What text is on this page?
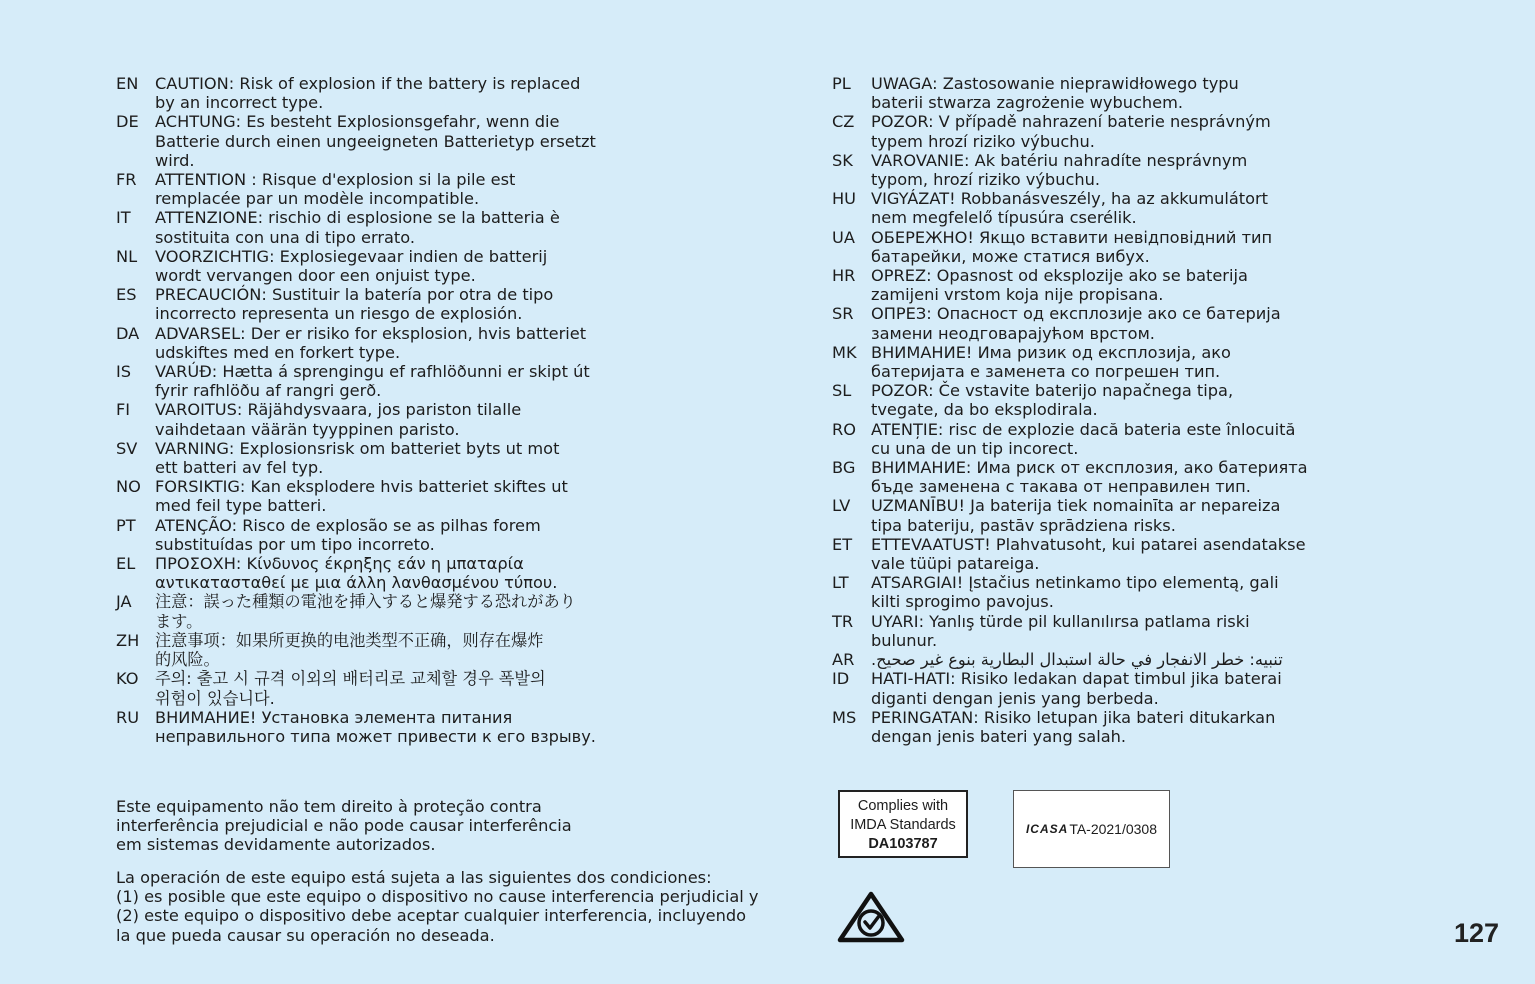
EN	CAUTION: Risk of explosion if the battery is replaced
by an incorrect type.
DE	ACHTUNG: Es besteht Explosionsgefahr, wenn die
Batterie durch einen ungeeigneten Batterietyp ersetzt
wird.
FR	ATTENTION : Risque d'explosion si la pile est
remplacée par un modèle incompatible.
IT	ATTENZIONE: rischio di esplosione se la batteria è
sostituita con una di tipo errato.
NL	VOORZICHTIG: Explosiegevaar indien de batterij
wordt vervangen door een onjuist type.
ES	PRECAUCIÓN: Sustituir la batería por otra de tipo
incorrecto representa un riesgo de explosión.
DA ADVARSEL: Der er risiko for eksplosion, hvis batteriet
udskiftes med en forkert type.
IS	VARÚÐ: Hætta á sprengingu ef rafhlöðunni er skipt út
fyrir rafhlöðu af rangri gerð.
FI	VAROITUS: Räjähdysvaara, jos pariston tilalle
vaihdetaan väärän tyyppinen paristo.
SV	VARNING: Explosionsrisk om batteriet byts ut mot
ett batteri av fel typ.
NO FORSIKTIG: Kan eksplodere hvis batteriet skiftes ut
med feil type batteri.
PT	ATENÇÃO: Risco de explosão se as pilhas forem
substituídas por um tipo incorreto.
EL	ΠΡΟΣΟΧΗ: Κίνδυνος έκρηξης εάν η μπαταρία
αντικατασταθεί με μια άλλη λανθασμένου τύπου.
JA	注意：誤った種類の電池を挿入すると爆発する恐れがあり
ます。
ZH 注意事项：如果所更换的电池类型不正确，则存在爆炸
的风险。
KO	주의: 출고 시 규격 이외의 배터리로 교체할 경우 폭발의
위험이 있습니다.
RU ВНИМАНИЕ! Установка элемента питания
неправильного типа может привести к его взрыву.
PL	UWAGA: Zastosowanie nieprawidłowego typu
baterii stwarza zagrożenie wybuchem.
CZ	POZOR: V případě nahrazení baterie nesprávným
typem hrozí riziko výbuchu.
SK	VAROVANIE: Ak batériu nahradíte nesprávnym
typom, hrozí riziko výbuchu.
HU VIGYÁZAT! Robbanásveszély, ha az akkumulátort
nem megfelelő típusúra cserélik.
UA ОБЕРЕЖНО! Якщо вставити невідповідний тип
батарейки, може статися вибух.
HR OPREZ: Opasnost od eksplozije ako se baterija
zamijeni vrstom koja nije propisana.
SR	ОПРЕЗ: Опасност од експлозије ако се батерија
замени неодговарајућом врстом.
MK ВНИМАНИЕ! Има ризик од експлозија, ако
батеријата е заменета со погрешен тип.
SL	POZOR: Če vstavite baterijo napačnega tipa,
tvegate, da bo eksplodirala.
RO ATENȚIE: risc de explozie dacă bateria este înlocuită
cu una de un tip incorect.
BG ВНИМАНИЕ: Има риск от експлозия, ако батерията
бъде заменена с такава от неправилен тип.
LV	UZMANĪBU! Ja baterija tiek nomainīta ar nepareiza
tipa bateriju, pastāv sprādziena risks.
ET	ETTEVAATUST! Plahvatusoht, kui patarei asendatakse
vale tüüpi patareiga.
LT	ATSARGIAI! Įstačius netinkamo tipo elementą, gali
kilti sprogimo pavojus.
TR	UYARI: Yanlış türde pil kullanılırsa patlama riski
bulunur.
AR	تنبيه: خطر الانفجار في حالة استبدال البطارية بنوع غير صحيح.
ID	HATI-HATI: Risiko ledakan dapat timbul jika baterai
diganti dengan jenis yang berbeda.
MS PERINGATAN: Risiko letupan jika bateri ditukarkan
dengan jenis bateri yang salah.
Este equipamento não tem direito à proteção contra
interferência prejudicial e não pode causar interferência
em sistemas devidamente autorizados.
La operación de este equipo está sujeta a las siguientes dos condiciones:
(1) es posible que este equipo o dispositivo no cause interferencia perjudicial y
(2) este equipo o dispositivo debe aceptar cualquier interferencia, incluyendo
la que pueda causar su operación no deseada.
Complies with
IMDA Standards
DA103787
ICASA TA-2021/0308
127
